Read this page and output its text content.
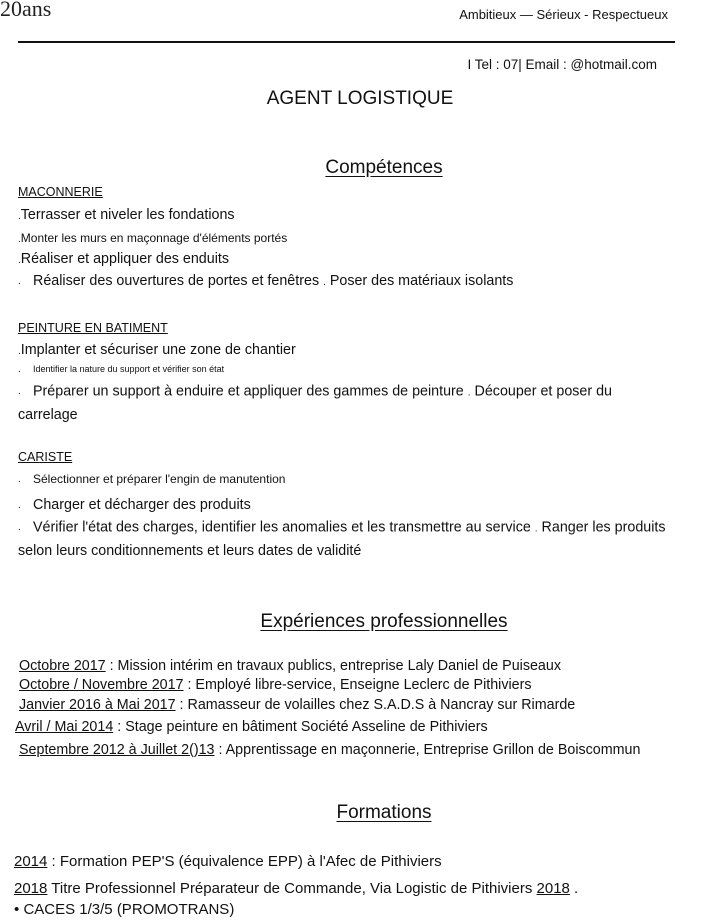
20ans	Ambitieux — Sérieux - Respectueux
I Tel : 07| Email : @hotmail.com
AGENT LOGISTIQUE
Compétences
MACONNERIE
.Terrasser et niveler les fondations
.Monter les murs en maçonnage d'éléments portés
.Réaliser et appliquer des enduits
. Réaliser des ouvertures de portes et fenêtres . Poser des matériaux isolants
PEINTURE EN BATIMENT
.Implanter et sécuriser une zone de chantier
. Identifier la nature du support et vérifier son état
. Préparer un support à enduire et appliquer des gammes de peinture . Découper et poser du carrelage
CARISTE
. Sélectionner et préparer l'engin de manutention
. Charger et décharger des produits
. Vérifier l'état des charges, identifier les anomalies et les transmettre au service . Ranger les produits selon leurs conditionnements et leurs dates de validité
Expériences professionnelles
Octobre 2017 : Mission intérim en travaux publics, entreprise Laly Daniel de Puiseaux
Octobre / Novembre 2017 : Employé libre-service, Enseigne Leclerc de Pithiviers
Janvier 2016 à Mai 2017 : Ramasseur de volailles chez S.A.D.S à Nancray sur Rimarde
Avril / Mai 2014 : Stage peinture en bâtiment Société Asseline de Pithiviers
Septembre 2012 à Juillet 2()13 : Apprentissage en maçonnerie, Entreprise Grillon de Boiscommun
Formations
2014 : Formation PEP'S (équivalence EPP) à l'Afec de Pithiviers
2018 Titre Professionnel Préparateur de Commande, Via Logistic de Pithiviers 2018 .
• CACES 1/3/5 (PROMOTRANS)
